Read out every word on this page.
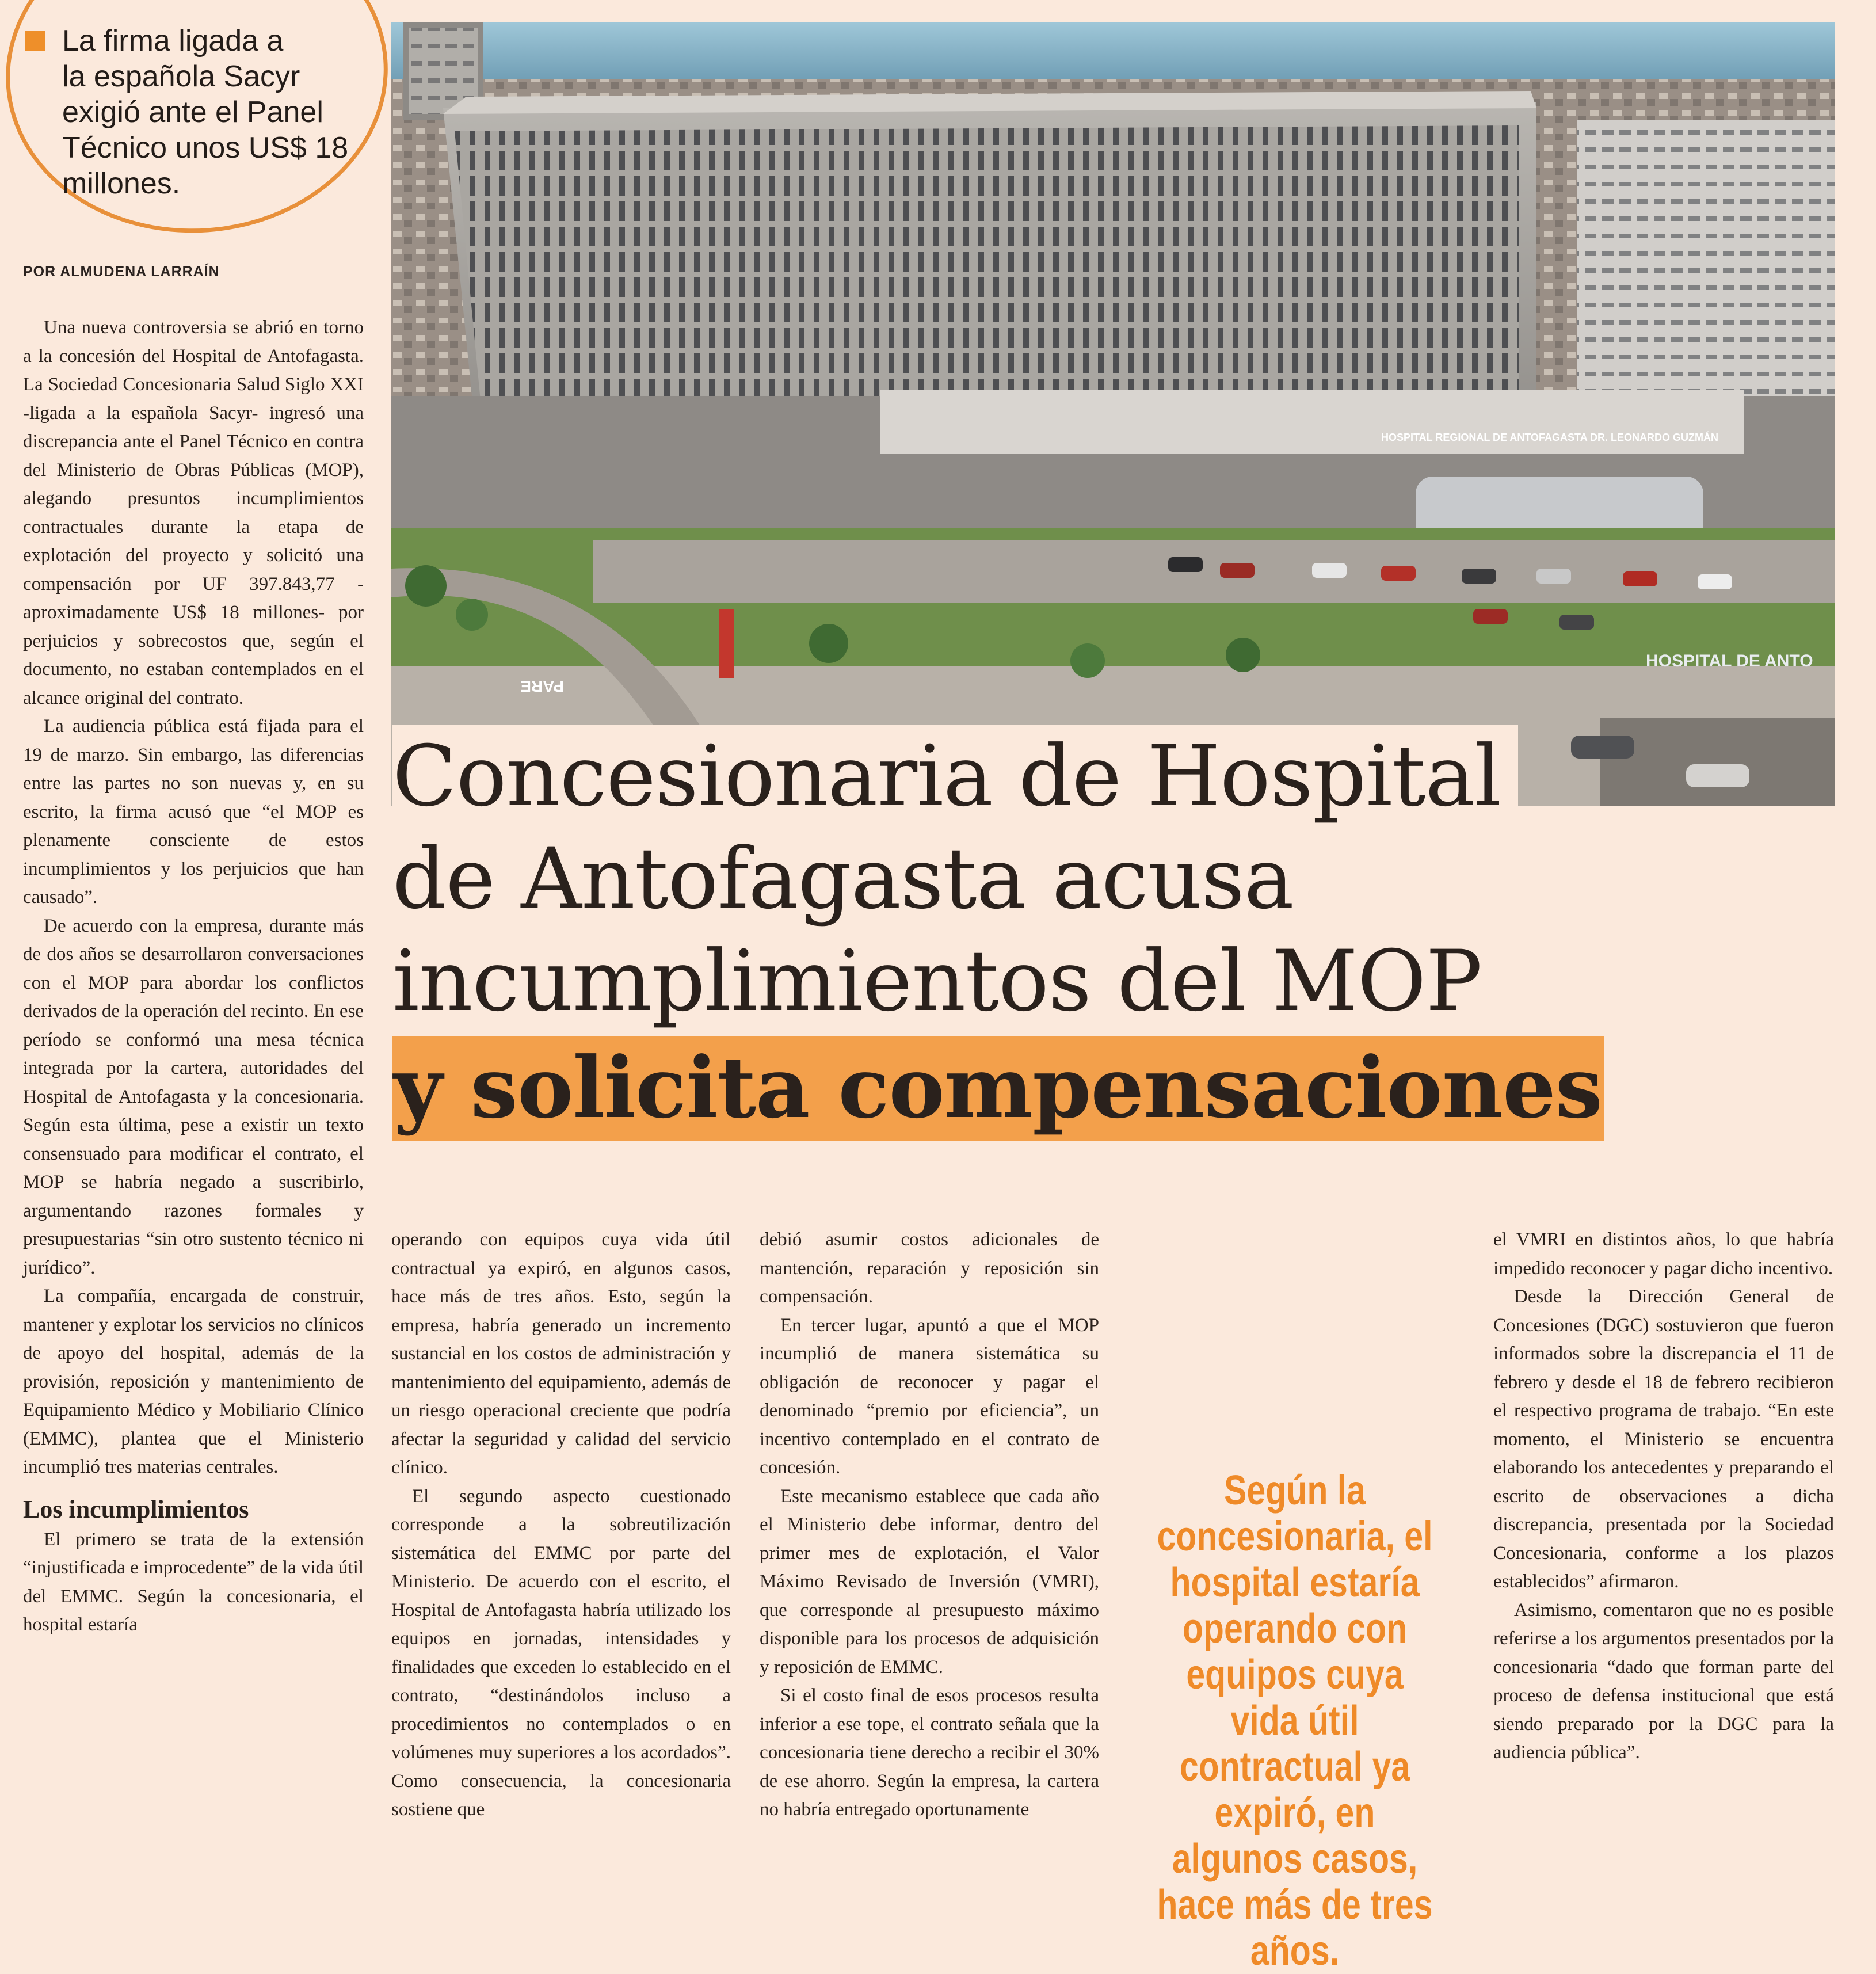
La firma ligada a

la española Sacyr

exigió ante el Panel

Técnico unos US$ 18

millones.

POR ALMUDENA LARRAÍN
HOSPITAL REGIONAL DE ANTOFAGASTA DR. LEONARDO GUZMÁN
PARE
HOSPITAL DE ANTO
Concesionaria de Hospital
de Antofagasta acusa
incumplimientos del MOP
y solicita compensaciones

Una nueva controversia se abrió en torno a la concesión del Hospital de Antofagasta. La Sociedad Concesionaria Salud Siglo XXI -ligada a la española Sacyr- ingresó una discrepancia ante el Panel Técnico en contra del Ministerio de Obras Públicas (MOP), alegando presuntos incumplimientos contractuales durante la etapa de explotación del proyecto y solicitó una compensación por UF 397.843,77 -aproximadamente US$ 18 millones- por perjuicios y sobrecostos que, según el documento, no estaban contemplados en el alcance original del contrato.

La audiencia pública está fijada para el 19 de marzo. Sin embargo, las diferencias entre las partes no son nuevas y, en su escrito, la firma acusó que “el MOP es plenamente consciente de estos incumplimientos y los perjuicios que han causado”.

De acuerdo con la empresa, durante más de dos años se desarrollaron conversaciones con el MOP para abordar los conflictos derivados de la operación del recinto. En ese período se conformó una mesa técnica integrada por la cartera, autoridades del Hospital de Antofagasta y la concesionaria. Según esta última, pese a existir un texto consensuado para modificar el contrato, el MOP se habría negado a suscribirlo, argumentando razones formales y presupuestarias “sin otro sustento técnico ni jurídico”.

La compañía, encargada de construir, mantener y explotar los servicios no clínicos de apoyo del hospital, además de la provisión, reposición y mantenimiento de Equipamiento Médico y Mobiliario Clínico (EMMC), plantea que el Ministerio incumplió tres materias centrales.

Los incumplimientos

El primero se trata de la extensión “injustificada e improcedente” de la vida útil del EMMC. Según la concesionaria, el hospital estaría

operando con equipos cuya vida útil contractual ya expiró, en algunos casos, hace más de tres años. Esto, según la empresa, habría generado un incremento sustancial en los costos de administración y mantenimiento del equipamiento, además de un riesgo operacional creciente que podría afectar la seguridad y calidad del servicio clínico.

El segundo aspecto cuestionado corresponde a la sobreutilización sistemática del EMMC por parte del Ministerio. De acuerdo con el escrito, el Hospital de Antofagasta habría utilizado los equipos en jornadas, intensidades y finalidades que exceden lo establecido en el contrato, “destinándolos incluso a procedimientos no contemplados o en volúmenes muy superiores a los acordados”. Como consecuencia, la concesionaria sostiene que

debió asumir costos adicionales de mantención, reparación y reposición sin compensación.

En tercer lugar, apuntó a que el MOP incumplió de manera sistemática su obligación de reconocer y pagar el denominado “premio por eficiencia”, un incentivo contemplado en el contrato de concesión.

Este mecanismo establece que cada año el Ministerio debe informar, dentro del primer mes de explotación, el Valor Máximo Revisado de Inversión (VMRI), que corresponde al presupuesto máximo disponible para los procesos de adquisición y reposición de EMMC.

Si el costo final de esos procesos resulta inferior a ese tope, el contrato señala que la concesionaria tiene derecho a recibir el 30% de ese ahorro. Según la empresa, la cartera no habría entregado oportunamente

Según la concesionaria, el hospital estaría operando con equipos cuya vida útil contractual ya expiró, en algunos casos, hace más de tres años.

el VMRI en distintos años, lo que habría impedido reconocer y pagar dicho incentivo.

Desde la Dirección General de Concesiones (DGC) sostuvieron que fueron informados sobre la discrepancia el 11 de febrero y desde el 18 de febrero recibieron el respectivo programa de trabajo. “En este momento, el Ministerio se encuentra elaborando los antecedentes y preparando el escrito de observaciones a dicha discrepancia, presentada por la Sociedad Concesionaria, conforme a los plazos establecidos” afirmaron.

Asimismo, comentaron que no es posible referirse a los argumentos presentados por la concesionaria “dado que forman parte del proceso de defensa institucional que está siendo preparado por la DGC para la audiencia pública”.
